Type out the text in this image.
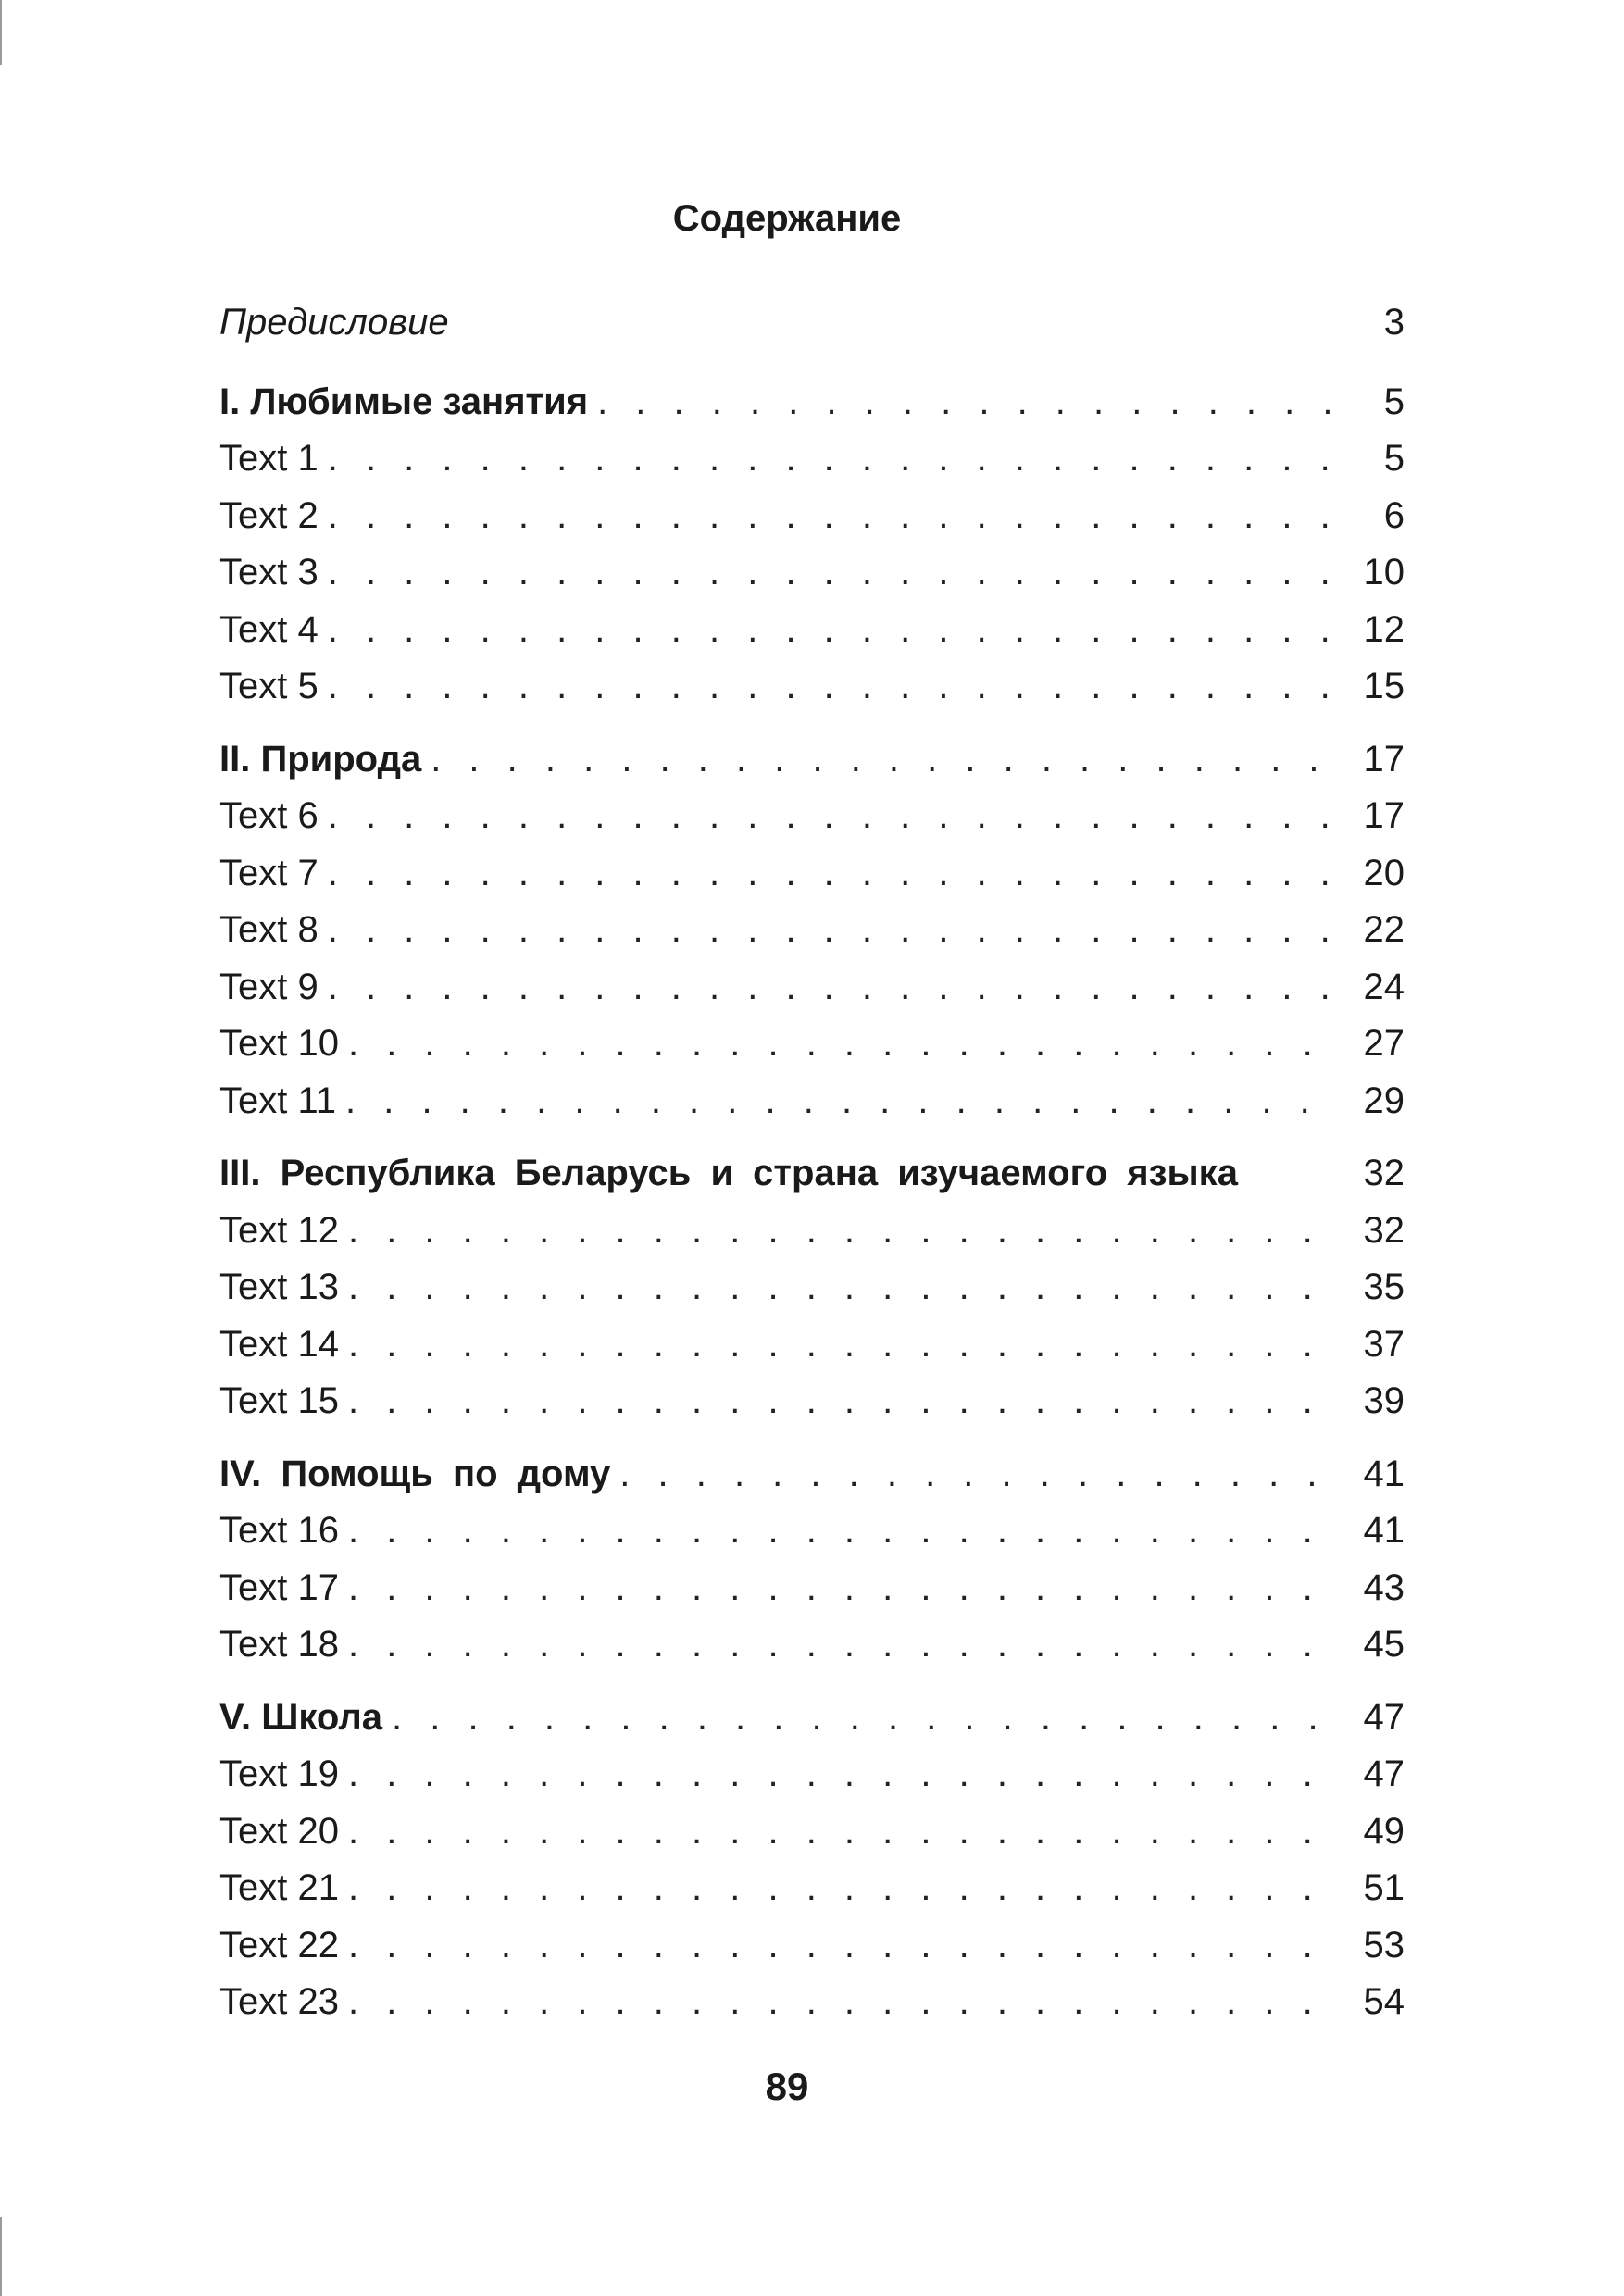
Содержание
Предисловие	3
I. Любимые занятия . . .	5
Text 1 . . .	5
Text 2 . . .	6
Text 3 . . .	10
Text 4 . . .	12
Text 5 . . .	15
II. Природа . . .	17
Text 6 . . .	17
Text 7 . . .	20
Text 8 . . .	22
Text 9 . . .	24
Text 10 . . .	27
Text 11 . . .	29
III. Республика Беларусь и страна изучаемого языка	32
Text 12 . . .	32
Text 13 . . .	35
Text 14 . . .	37
Text 15 . . .	39
IV. Помощь по дому . . .	41
Text 16 . . .	41
Text 17 . . .	43
Text 18 . . .	45
V. Школа . . .	47
Text 19 . . .	47
Text 20 . . .	49
Text 21 . . .	51
Text 22 . . .	53
Text 23 . . .	54
89
